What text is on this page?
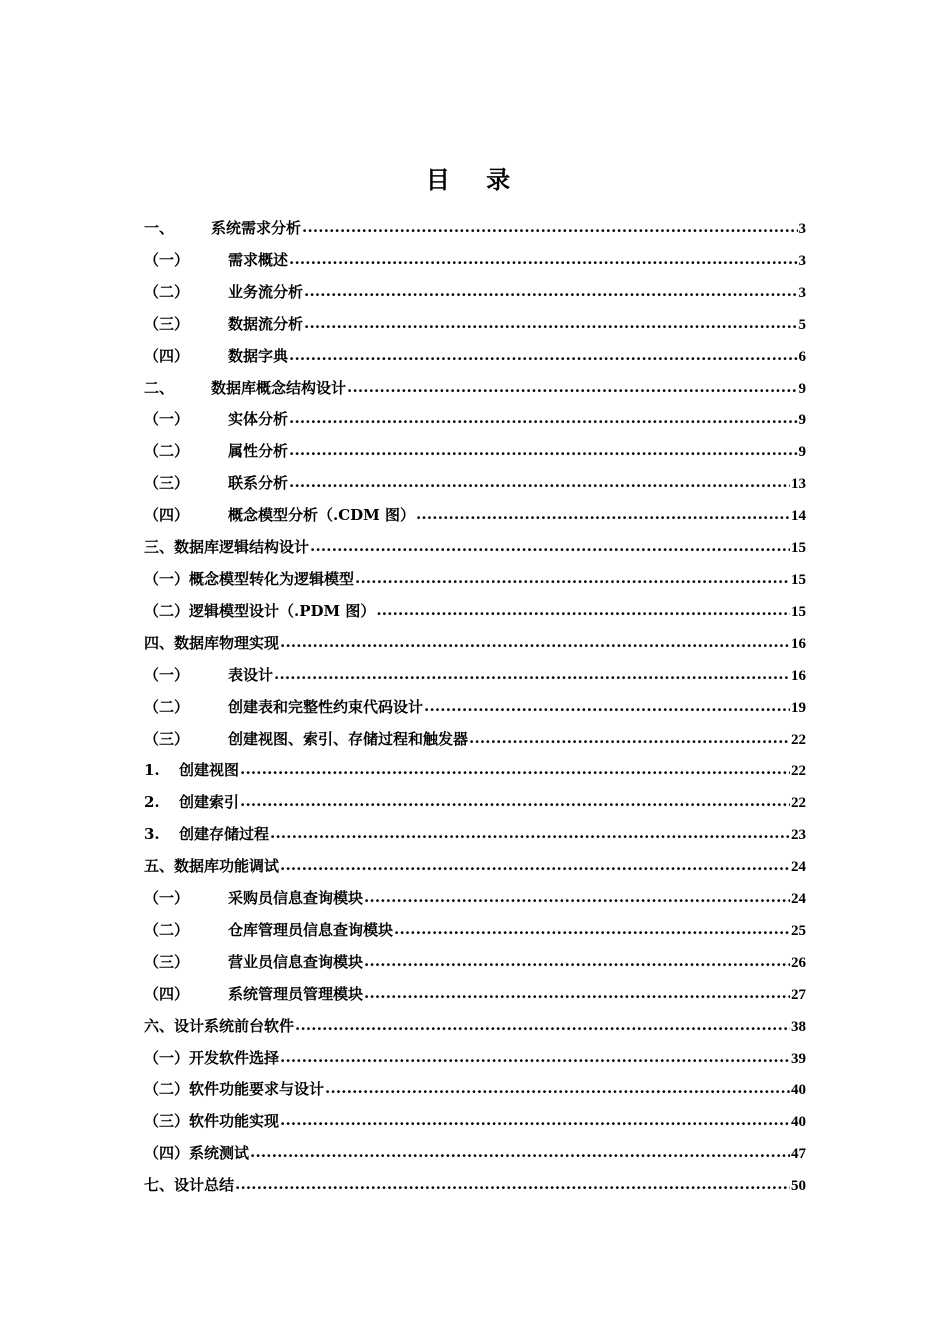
目 录
一、	系统需求分析 .....	3
（一）	需求概述 .....	3
（二）	业务流分析 .....	3
（三）	数据流分析 .....	5
（四）	数据字典 .....	6
二、	数据库概念结构设计 .....	9
（一）	实体分析 .....	9
（二）	属性分析 .....	9
（三）	联系分析 .....	13
（四）	概念模型分析（.CDM 图） .....	14
三、数据库逻辑结构设计 .....	15
（一）概念模型转化为逻辑模型 .....	15
（二）逻辑模型设计（.PDM 图） .....	15
四、数据库物理实现 .....	16
（一）	表设计 .....	16
（二）	创建表和完整性约束代码设计 .....	19
（三）	创建视图、索引、存储过程和触发器 .....	22
1.	创建视图 .....	22
2.	创建索引 .....	22
3.	创建存储过程 .....	23
五、数据库功能调试 .....	24
（一）	采购员信息查询模块 .....	24
（二）	仓库管理员信息查询模块 .....	25
（三）	营业员信息查询模块 .....	26
（四）	系统管理员管理模块 .....	27
六、设计系统前台软件 .....	38
（一）开发软件选择 .....	39
（二）软件功能要求与设计 .....	40
（三）软件功能实现 .....	40
（四）系统测试 .....	47
七、设计总结 .....	50
